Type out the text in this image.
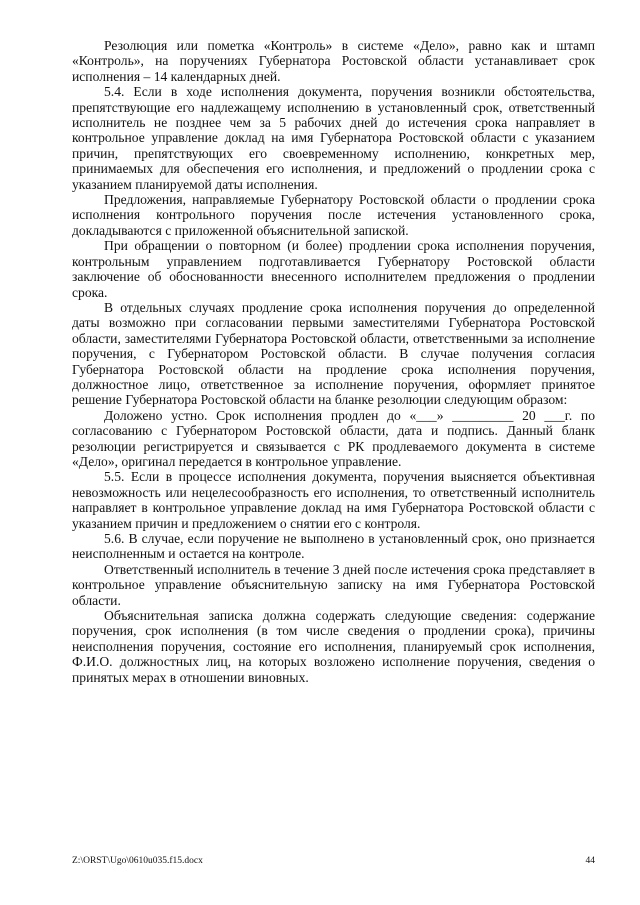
Резолюция или пометка «Контроль» в системе «Дело», равно как и штамп «Контроль», на поручениях Губернатора Ростовской области устанавливает срок исполнения – 14 календарных дней.

5.4. Если в ходе исполнения документа, поручения возникли обстоятельства, препятствующие его надлежащему исполнению в установленный срок, ответственный исполнитель не позднее чем за 5 рабочих дней до истечения срока направляет в контрольное управление доклад на имя Губернатора Ростовской области с указанием причин, препятствующих его своевременному исполнению, конкретных мер, принимаемых для обеспечения его исполнения, и предложений о продлении срока с указанием планируемой даты исполнения.

Предложения, направляемые Губернатору Ростовской области о продлении срока исполнения контрольного поручения после истечения установленного срока, докладываются с приложенной объяснительной запиской.

При обращении о повторном (и более) продлении срока исполнения поручения, контрольным управлением подготавливается Губернатору Ростовской области заключение об обоснованности внесенного исполнителем предложения о продлении срока.

В отдельных случаях продление срока исполнения поручения до определенной даты возможно при согласовании первыми заместителями Губернатора Ростовской области, заместителями Губернатора Ростовской области, ответственными за исполнение поручения, с Губернатором Ростовской области. В случае получения согласия Губернатора Ростовской области на продление срока исполнения поручения, должностное лицо, ответственное за исполнение поручения, оформляет принятое решение Губернатора Ростовской области на бланке резолюции следующим образом:

Доложено устно. Срок исполнения продлен до «___» _________ 20 ___г. по согласованию с Губернатором Ростовской области, дата и подпись. Данный бланк резолюции регистрируется и связывается с РК продлеваемого документа в системе «Дело», оригинал передается в контрольное управление.

5.5. Если в процессе исполнения документа, поручения выясняется объективная невозможность или нецелесообразность его исполнения, то ответственный исполнитель направляет в контрольное управление доклад на имя Губернатора Ростовской области с указанием причин и предложением о снятии его с контроля.

5.6. В случае, если поручение не выполнено в установленный срок, оно признается неисполненным и остается на контроле.

Ответственный исполнитель в течение 3 дней после истечения срока представляет в контрольное управление объяснительную записку на имя Губернатора Ростовской области.

Объяснительная записка должна содержать следующие сведения: содержание поручения, срок исполнения (в том числе сведения о продлении срока), причины неисполнения поручения, состояние его исполнения, планируемый срок исполнения, Ф.И.О. должностных лиц, на которых возложено исполнение поручения, сведения о принятых мерах в отношении виновных.

Z:\ORST\Ugo\0610u035.f15.docx	44
